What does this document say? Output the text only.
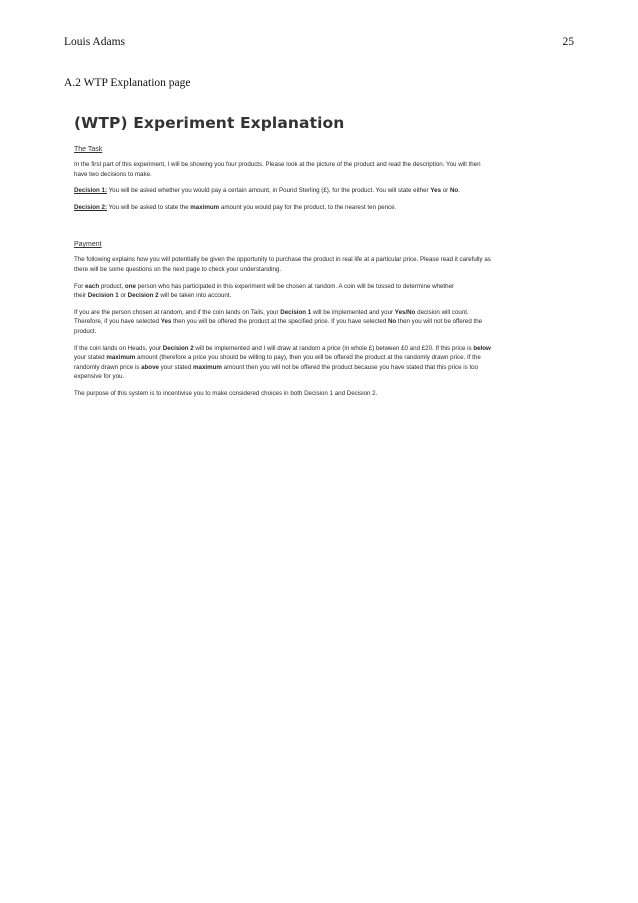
Louis Adams	25
A.2 WTP Explanation page
(WTP) Experiment Explanation
The Task
In the first part of this experiment, I will be showing you four products. Please look at the picture of the product and read the description. You will then
have two decisions to make.
Decision 1: You will be asked whether you would pay a certain amount, in Pound Sterling (£), for the product. You will state either Yes or No.
Decision 2: You will be asked to state the maximum amount you would pay for the product, to the nearest ten pence.
Payment
The following explains how you will potentially be given the opportunity to purchase the product in real life at a particular price. Please read it carefully as
there will be some questions on the next page to check your understanding.
For each product, one person who has participated in this experiment will be chosen at random. A coin will be tossed to determine whether
their Decision 1 or Decision 2 will be taken into account.
If you are the person chosen at random, and if the coin lands on Tails, your Decision 1 will be implemented and your Yes/No decision will count.
Therefore, if you have selected Yes then you will be offered the product at the specified price. If you have selected No then you will not be offered the
product.
If the coin lands on Heads, your Decision 2 will be implemented and I will draw at random a price (in whole £) between £0 and £20. If this price is below
your stated maximum amount (therefore a price you should be willing to pay), then you will be offered the product at the randomly drawn price. If the
randomly drawn price is above your stated maximum amount then you will not be offered the product because you have stated that this price is too
expensive for you.
The purpose of this system is to incentivise you to make considered choices in both Decision 1 and Decision 2.
